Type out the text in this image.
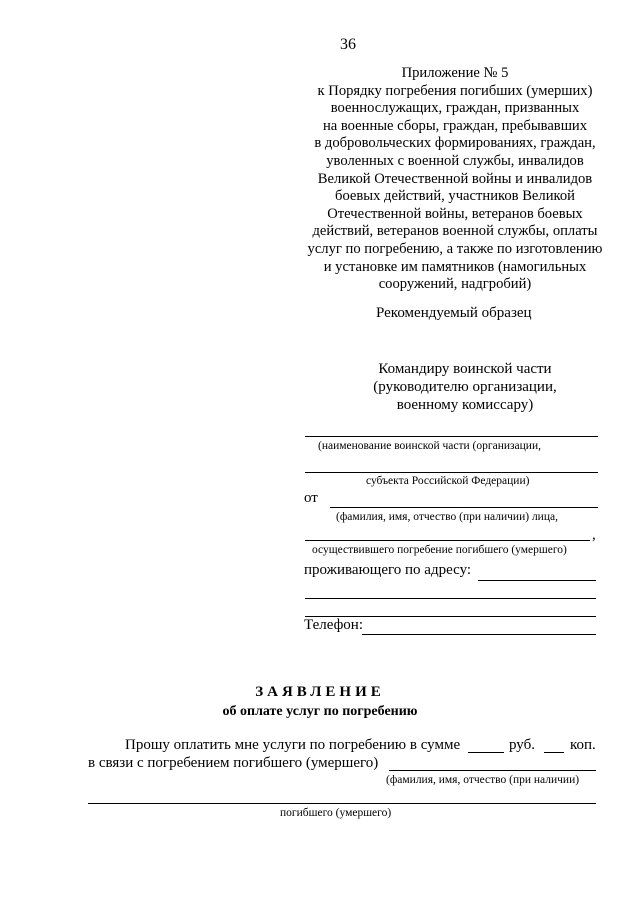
36
Приложение № 5
к Порядку погребения погибших (умерших)
военнослужащих, граждан, призванных
на военные сборы, граждан, пребывавших
в добровольческих формированиях, граждан,
уволенных с военной службы, инвалидов
Великой Отечественной войны и инвалидов
боевых действий, участников Великой
Отечественной войны, ветеранов боевых
действий, ветеранов военной службы, оплаты
услуг по погребению, а также по изготовлению
и установке им памятников (намогильных
сооружений, надгробий)
Рекомендуемый образец
Командиру воинской части
(руководителю организации,
военному комиссару)
(наименование воинской части (организации,
субъекта Российской Федерации)
от
(фамилия, имя, отчество (при наличии) лица,
,
осуществившего погребение погибшего (умершего)
проживающего по адресу:
Телефон:
ЗАЯВЛЕНИЕ
об оплате услуг по погребению
Прошу оплатить мне услуги по погребению в сумме	руб. коп.
в связи с погребением погибшего (умершего)
(фамилия, имя, отчество (при наличии)
погибшего (умершего)
